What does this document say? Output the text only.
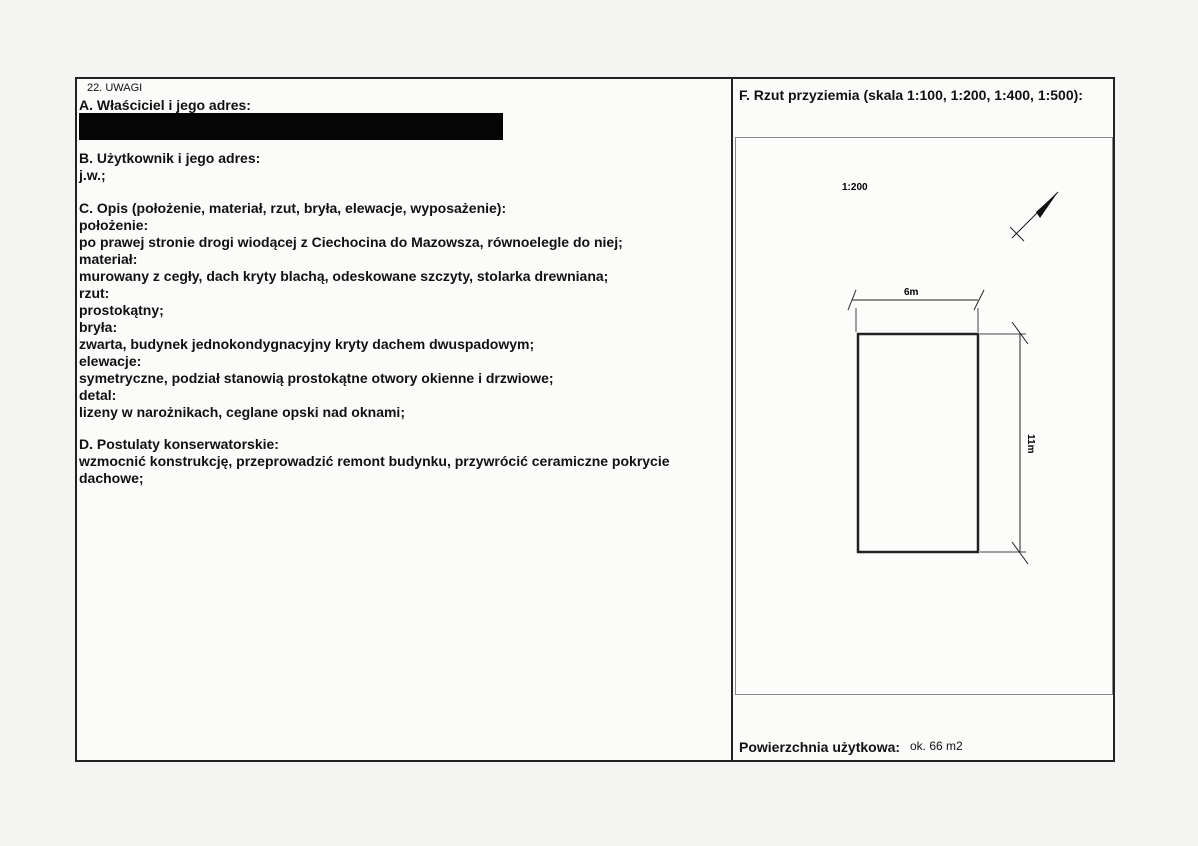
22. UWAGI
A. Właściciel i jego adres:
B. Użytkownik i jego adres:
j.w.;
C. Opis (położenie, materiał, rzut, bryła, elewacje, wyposażenie):
położenie:
po prawej stronie drogi wiodącej z Ciechocina do Mazowsza, równoelegle do niej;
materiał:
murowany z cegły, dach kryty blachą, odeskowane szczyty, stolarka drewniana;
rzut:
prostokątny;
bryła:
zwarta, budynek jednokondygnacyjny kryty dachem dwuspadowym;
elewacje:
symetryczne, podział stanowią prostokątne otwory okienne i drzwiowe;
detal:
lizeny w narożnikach, ceglane opski nad oknami;
D. Postulaty konserwatorskie:
wzmocnić konstrukcję, przeprowadzić remont budynku, przywrócić ceramiczne pokrycie
dachowe;
F. Rzut przyziemia (skala 1:100, 1:200, 1:400, 1:500):
1:200
6m
11m
Powierzchnia użytkowa: ok. 66 m2
